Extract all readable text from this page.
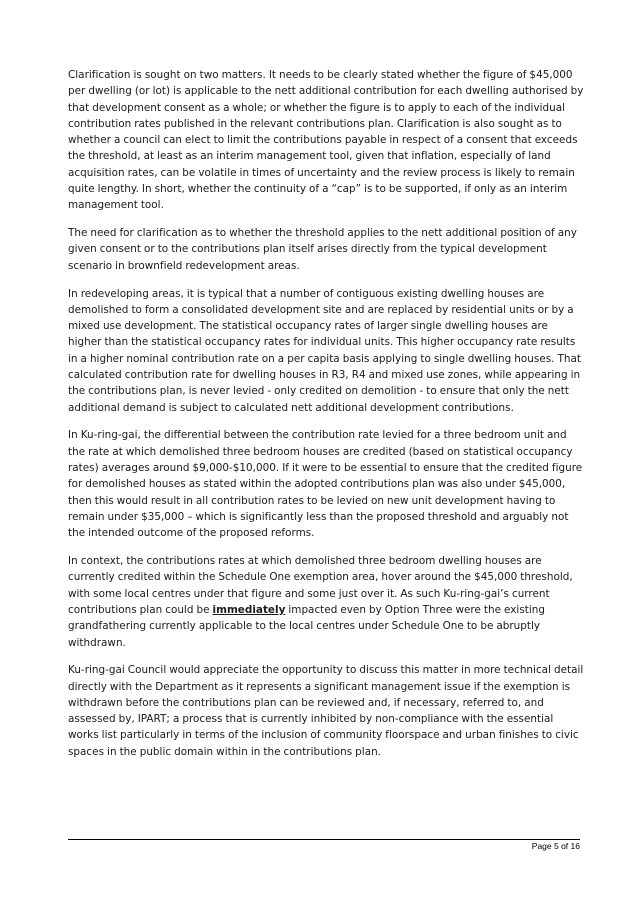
Clarification is sought on two matters. It needs to be clearly stated whether the figure of $45,000 per dwelling (or lot) is applicable to the nett additional contribution for each dwelling authorised by that development consent as a whole; or whether the figure is to apply to each of the individual contribution rates published in the relevant contributions plan. Clarification is also sought as to whether a council can elect to limit the contributions payable in respect of a consent that exceeds the threshold, at least as an interim management tool, given that inflation, especially of land acquisition rates, can be volatile in times of uncertainty and the review process is likely to remain quite lengthy. In short, whether the continuity of a “cap” is to be supported, if only as an interim management tool.

The need for clarification as to whether the threshold applies to the nett additional position of any given consent or to the contributions plan itself arises directly from the typical development scenario in brownfield redevelopment areas.

In redeveloping areas, it is typical that a number of contiguous existing dwelling houses are demolished to form a consolidated development site and are replaced by residential units or by a mixed use development. The statistical occupancy rates of larger single dwelling houses are higher than the statistical occupancy rates for individual units. This higher occupancy rate results in a higher nominal contribution rate on a per capita basis applying to single dwelling houses. That calculated contribution rate for dwelling houses in R3, R4 and mixed use zones, while appearing in the contributions plan, is never levied - only credited on demolition - to ensure that only the nett additional demand is subject to calculated nett additional development contributions.

In Ku-ring-gai, the differential between the contribution rate levied for a three bedroom unit and the rate at which demolished three bedroom houses are credited (based on statistical occupancy rates) averages around $9,000-$10,000. If it were to be essential to ensure that the credited figure for demolished houses as stated within the adopted contributions plan was also under $45,000, then this would result in all contribution rates to be levied on new unit development having to remain under $35,000 – which is significantly less than the proposed threshold and arguably not the intended outcome of the proposed reforms.

In context, the contributions rates at which demolished three bedroom dwelling houses are currently credited within the Schedule One exemption area, hover around the $45,000 threshold, with some local centres under that figure and some just over it. As such Ku-ring-gai’s current contributions plan could be immediately impacted even by Option Three were the existing grandfathering currently applicable to the local centres under Schedule One to be abruptly withdrawn.

Ku-ring-gai Council would appreciate the opportunity to discuss this matter in more technical detail directly with the Department as it represents a significant management issue if the exemption is withdrawn before the contributions plan can be reviewed and, if necessary, referred to, and assessed by, IPART; a process that is currently inhibited by non-compliance with the essential works list particularly in terms of the inclusion of community floorspace and urban finishes to civic spaces in the public domain within in the contributions plan.

Page 5 of 16
